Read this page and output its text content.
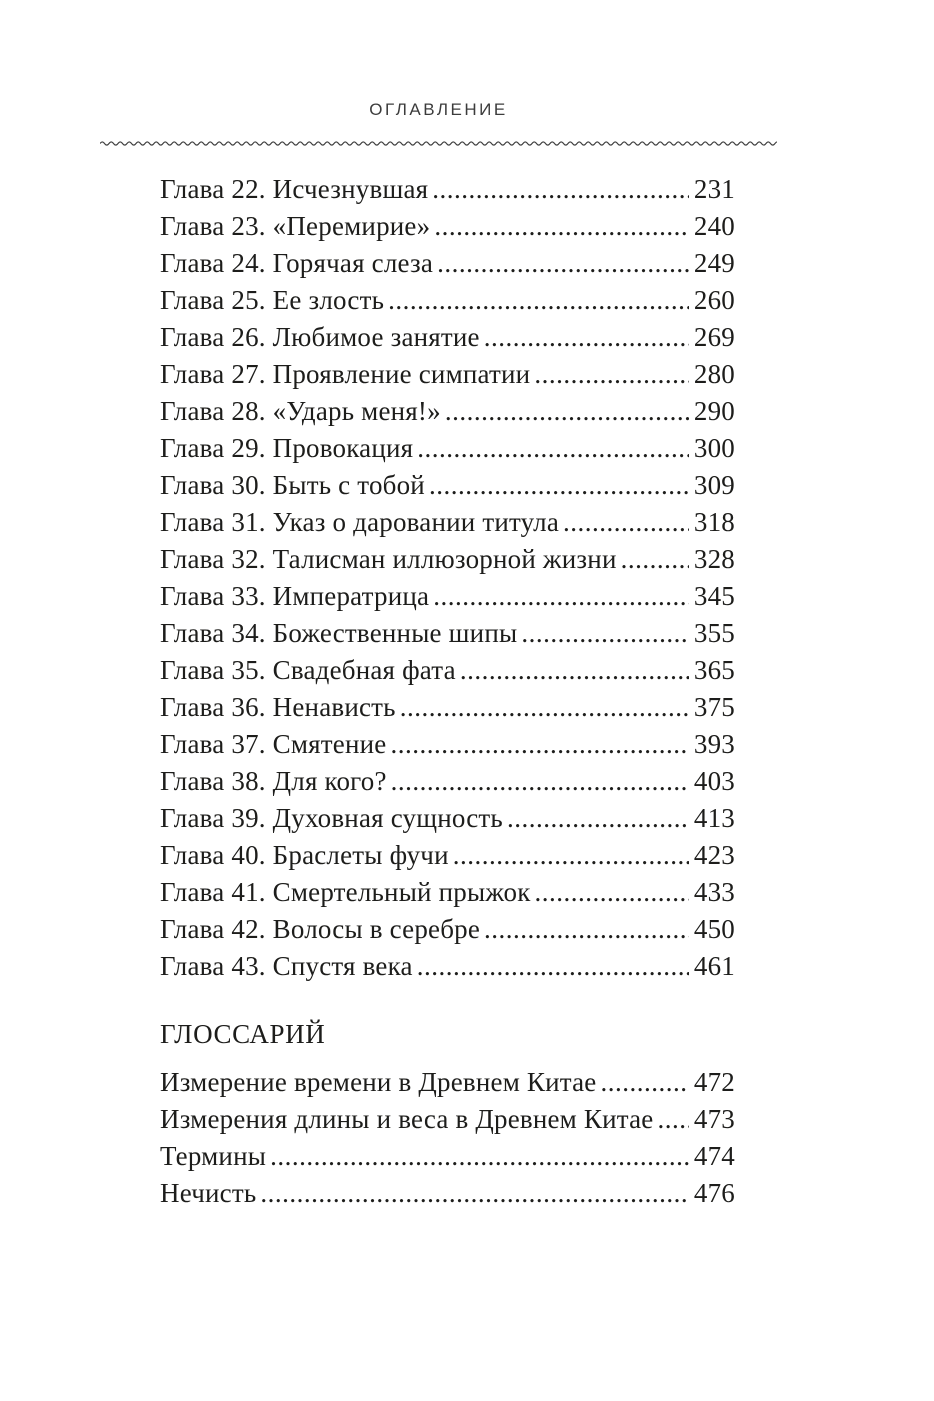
ОГЛАВЛЕНИЕ
Глава 22. Исчезнувшая .....	231
Глава 23. «Перемирие» .....	240
Глава 24. Горячая слеза .....	249
Глава 25. Ее злость .....	260
Глава 26. Любимое занятие .....	269
Глава 27. Проявление симпатии .....	280
Глава 28. «Ударь меня!» .....	290
Глава 29. Провокация .....	300
Глава 30. Быть с тобой .....	309
Глава 31. Указ о даровании титула .....	318
Глава 32. Талисман иллюзорной жизни .....	328
Глава 33. Императрица .....	345
Глава 34. Божественные шипы .....	355
Глава 35. Свадебная фата .....	365
Глава 36. Ненависть .....	375
Глава 37. Смятение .....	393
Глава 38. Для кого? .....	403
Глава 39. Духовная сущность .....	413
Глава 40. Браслеты фучи .....	423
Глава 41. Смертельный прыжок .....	433
Глава 42. Волосы в серебре .....	450
Глава 43. Спустя века .....	461
ГЛОССАРИЙ
Измерение времени в Древнем Китае .....	472
Измерения длины и веса в Древнем Китае ..... 473
Термины .....	474
Нечисть .....	476
